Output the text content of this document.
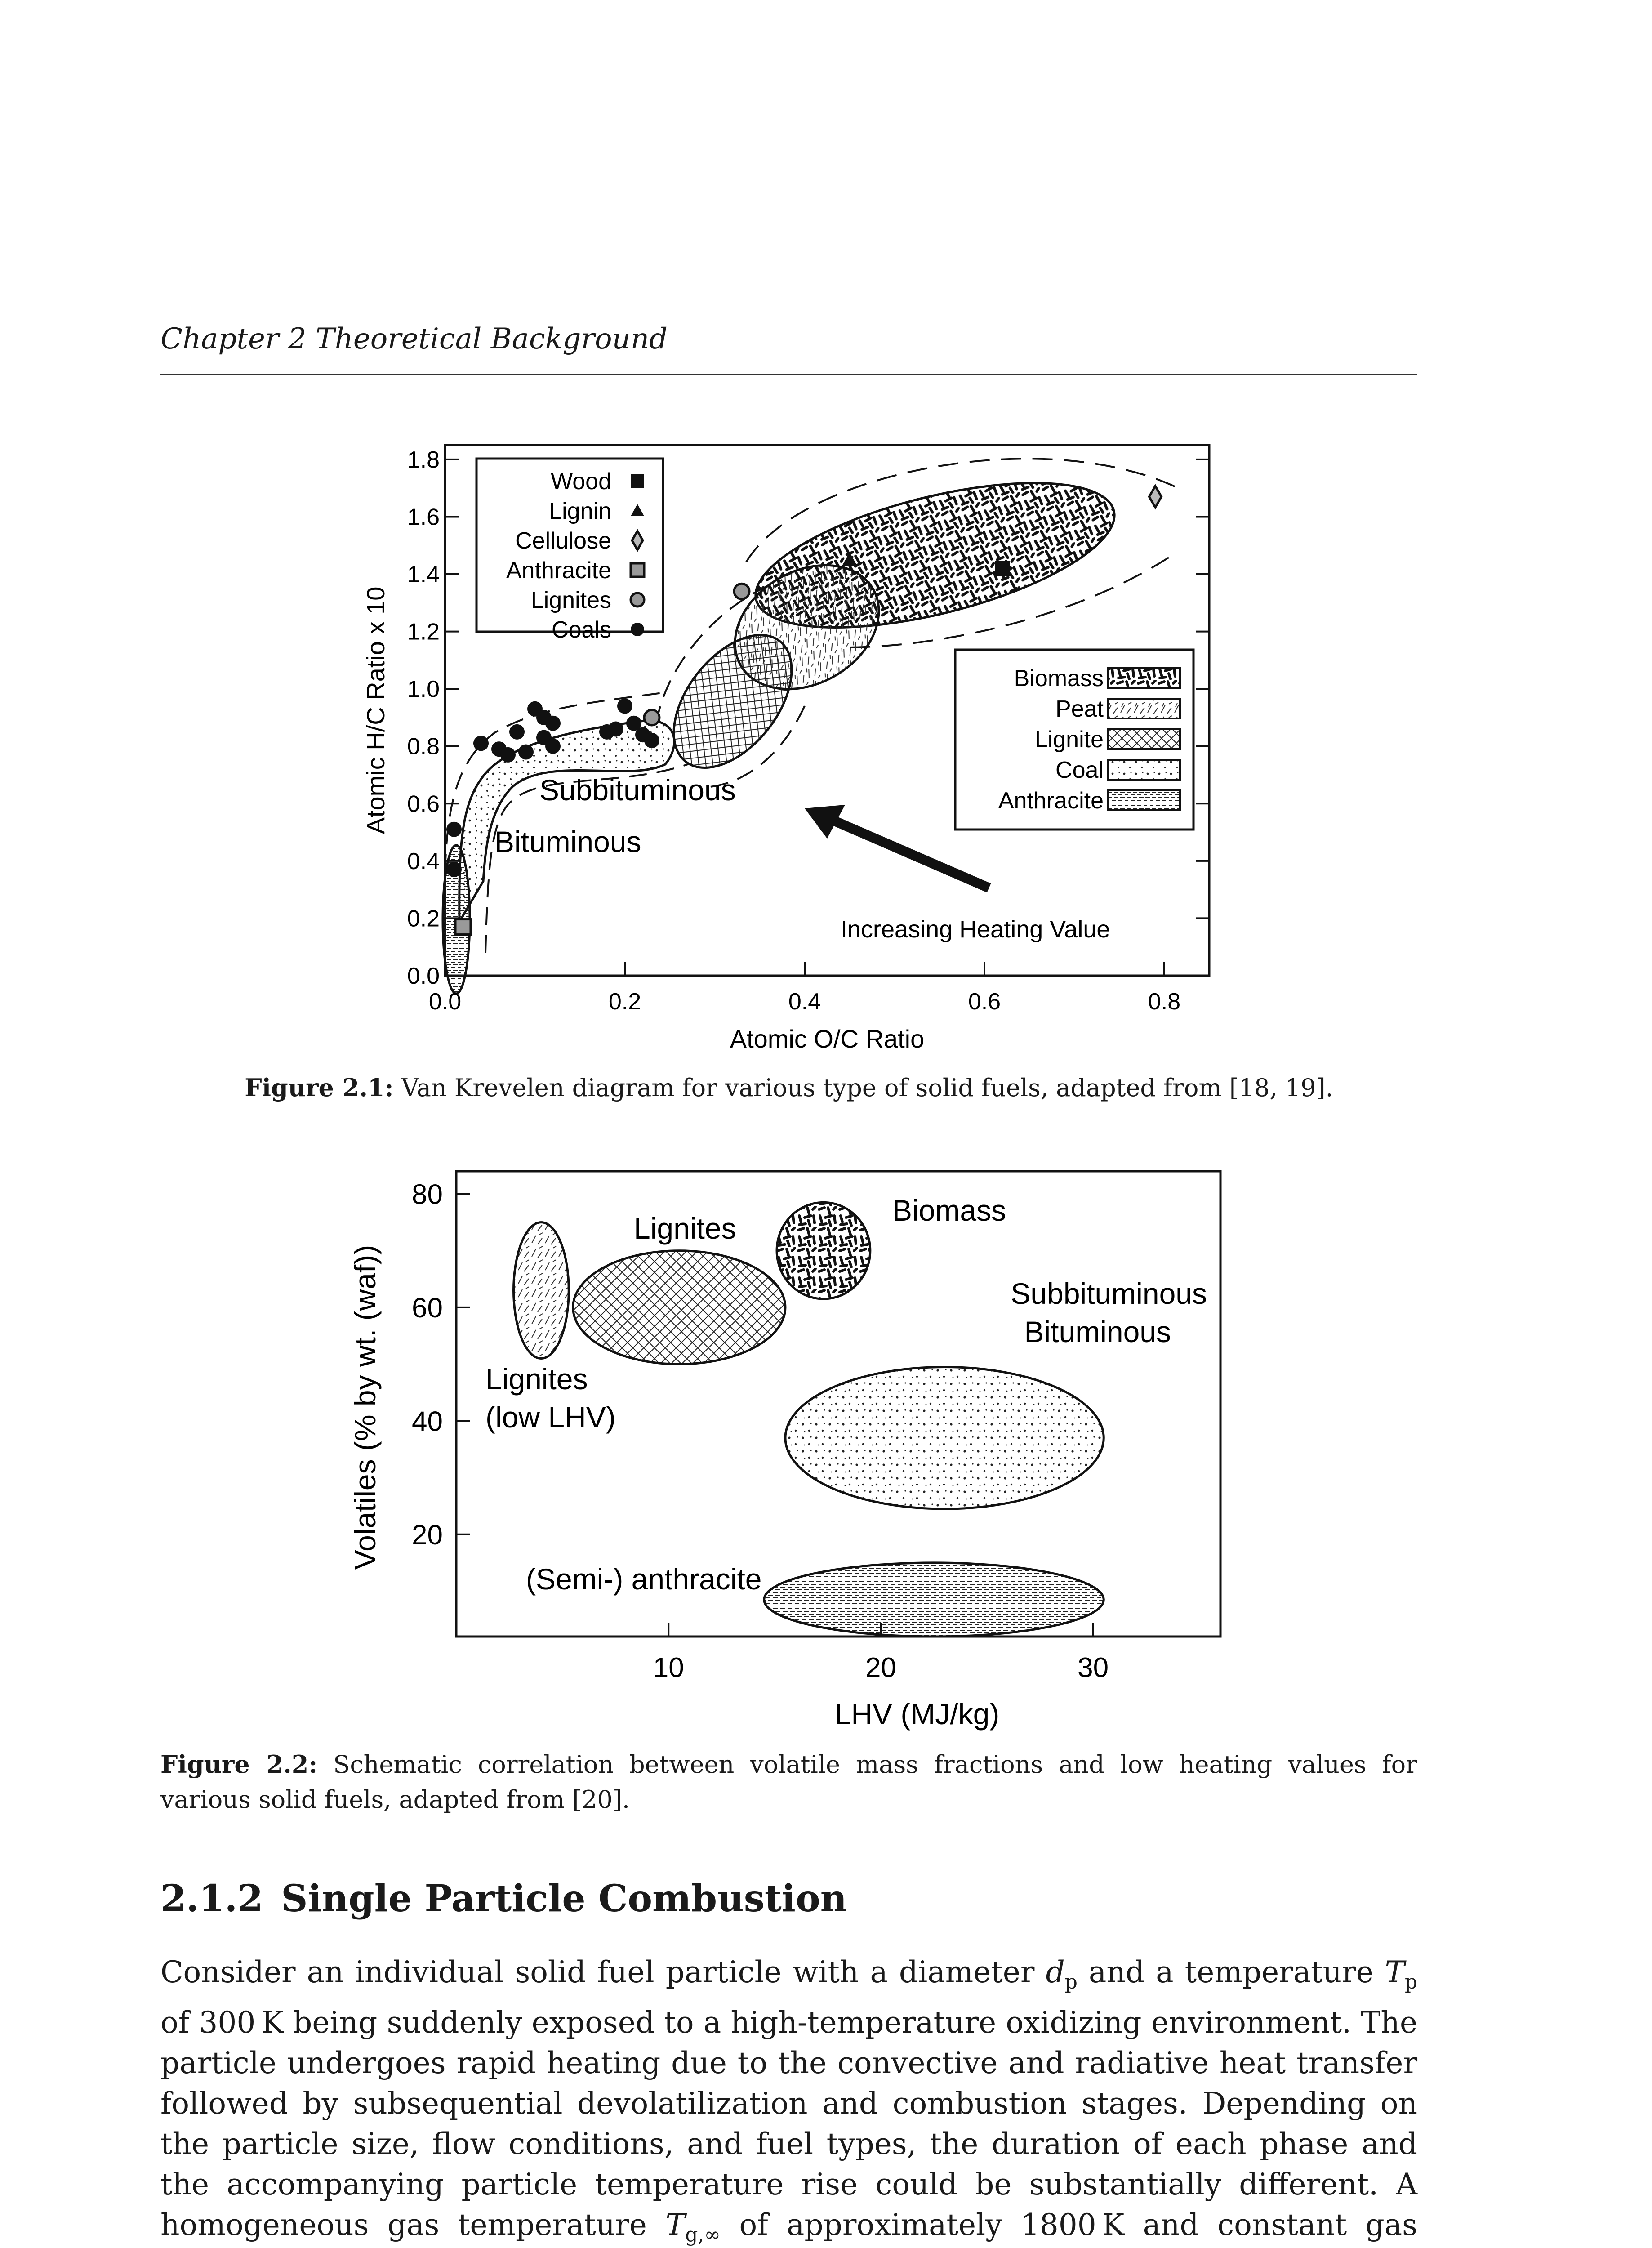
Chapter 2 Theoretical Background
0.0
0.2
0.4
0.6
0.8
1.0
1.2
1.4
1.6
1.8
0.0	0.2	0.4	0.6	0.8
Atomic O/C Ratio
Atomic H/C Ratio x 10
Wood
Lignin
Cellulose
Anthracite
Lignites
Coals
Biomass
Peat
Lignite
Coal
Anthracite
Subbituminous
Bituminous
Increasing Heating Value
Figure 2.1: Van Krevelen diagram for various type of solid fuels, adapted from [18, 19].
20
40
60
80
10	20	30
LHV (MJ/kg)
Volatiles (% by wt. (waf))
Lignites
Lignites
(low LHV)
Biomass
Subbituminous
Bituminous
(Semi-) anthracite
Figure 2.2: Schematic correlation between volatile mass fractions and low heating values for various solid fuels, adapted from [20].
2.1.2 Single Particle Combustion
Consider an individual solid fuel particle with a diameter $d_p$ and a temperature $T_p$ of 300 K being suddenly exposed to a high-temperature oxidizing environment. The particle undergoes rapid heating due to the convective and radiative heat transfer followed by subsequential devolatilization and combustion stages. Depending on the particle size, flow conditions, and fuel types, the duration of each phase and the accompanying particle temperature rise could be substantially different. A homogeneous gas temperature $T_{g,\infty}$ of approximately 1800 K and constant gas
